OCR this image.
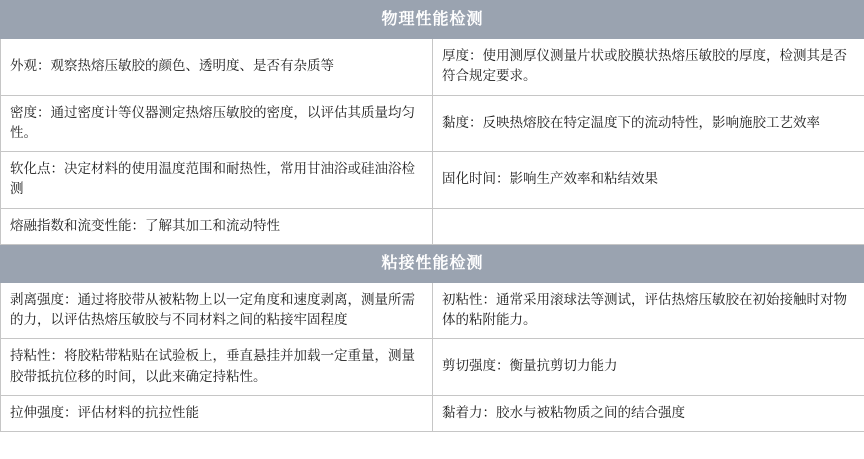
物理性能检测	

外观：观察热熔压敏胶的颜色、透明度、是否有杂质等	厚度：使用测厚仪测量片状或胶膜状热熔压敏胶的厚度，检测其是否符合规定要求。

密度：通过密度计等仪器测定热熔压敏胶的密度，以评估其质量均匀性。	黏度：反映热熔胶在特定温度下的流动特性，影响施胶工艺效率

软化点：决定材料的使用温度范围和耐热性，常用甘油浴或硅油浴检测	固化时间：影响生产效率和粘结效果

熔融指数和流变性能：了解其加工和流动特性	

粘接性能检测	

剥离强度：通过将胶带从被粘物上以一定角度和速度剥离，测量所需的力，以评估热熔压敏胶与不同材料之间的粘接牢固程度	初粘性：通常采用滚球法等测试，评估热熔压敏胶在初始接触时对物体的粘附能力。

持粘性：将胶粘带粘贴在试验板上，垂直悬挂并加载一定重量，测量胶带抵抗位移的时间，以此来确定持粘性。	剪切强度：衡量抗剪切力能力

拉伸强度：评估材料的抗拉性能	黏着力：胶水与被粘物质之间的结合强度
